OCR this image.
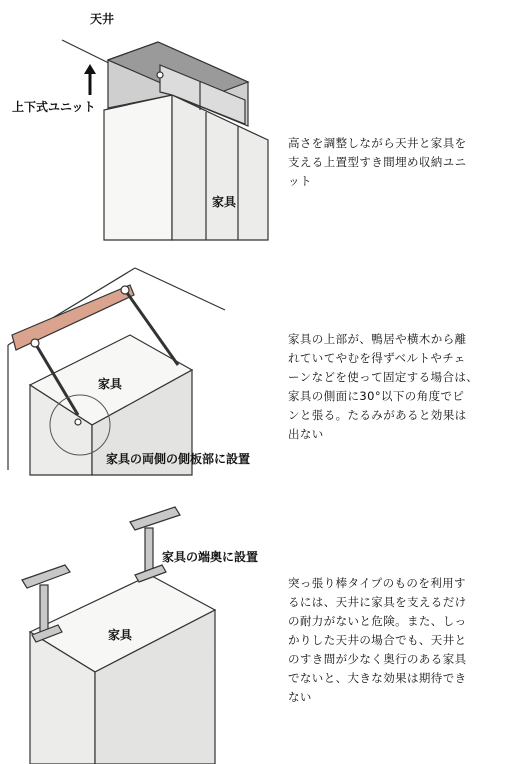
天井
上下式ユニット
家具
高さを調整しながら天井と家具を
支える上置型すき間埋め収納ユニ
ット
家具
家具の両側の側板部に設置
家具の上部が、鴨居や横木から離
れていてやむを得ずベルトやチェ
ーンなどを使って固定する場合は、
家具の側面に30°以下の角度でピ
ンと張る。たるみがあると効果は
出ない
家具の端奥に設置
家具
突っ張り棒タイプのものを利用す
るには、天井に家具を支えるだけ
の耐力がないと危険。また、しっ
かりした天井の場合でも、天井と
のすき間が少なく奥行のある家具
でないと、大きな効果は期待でき
ない
